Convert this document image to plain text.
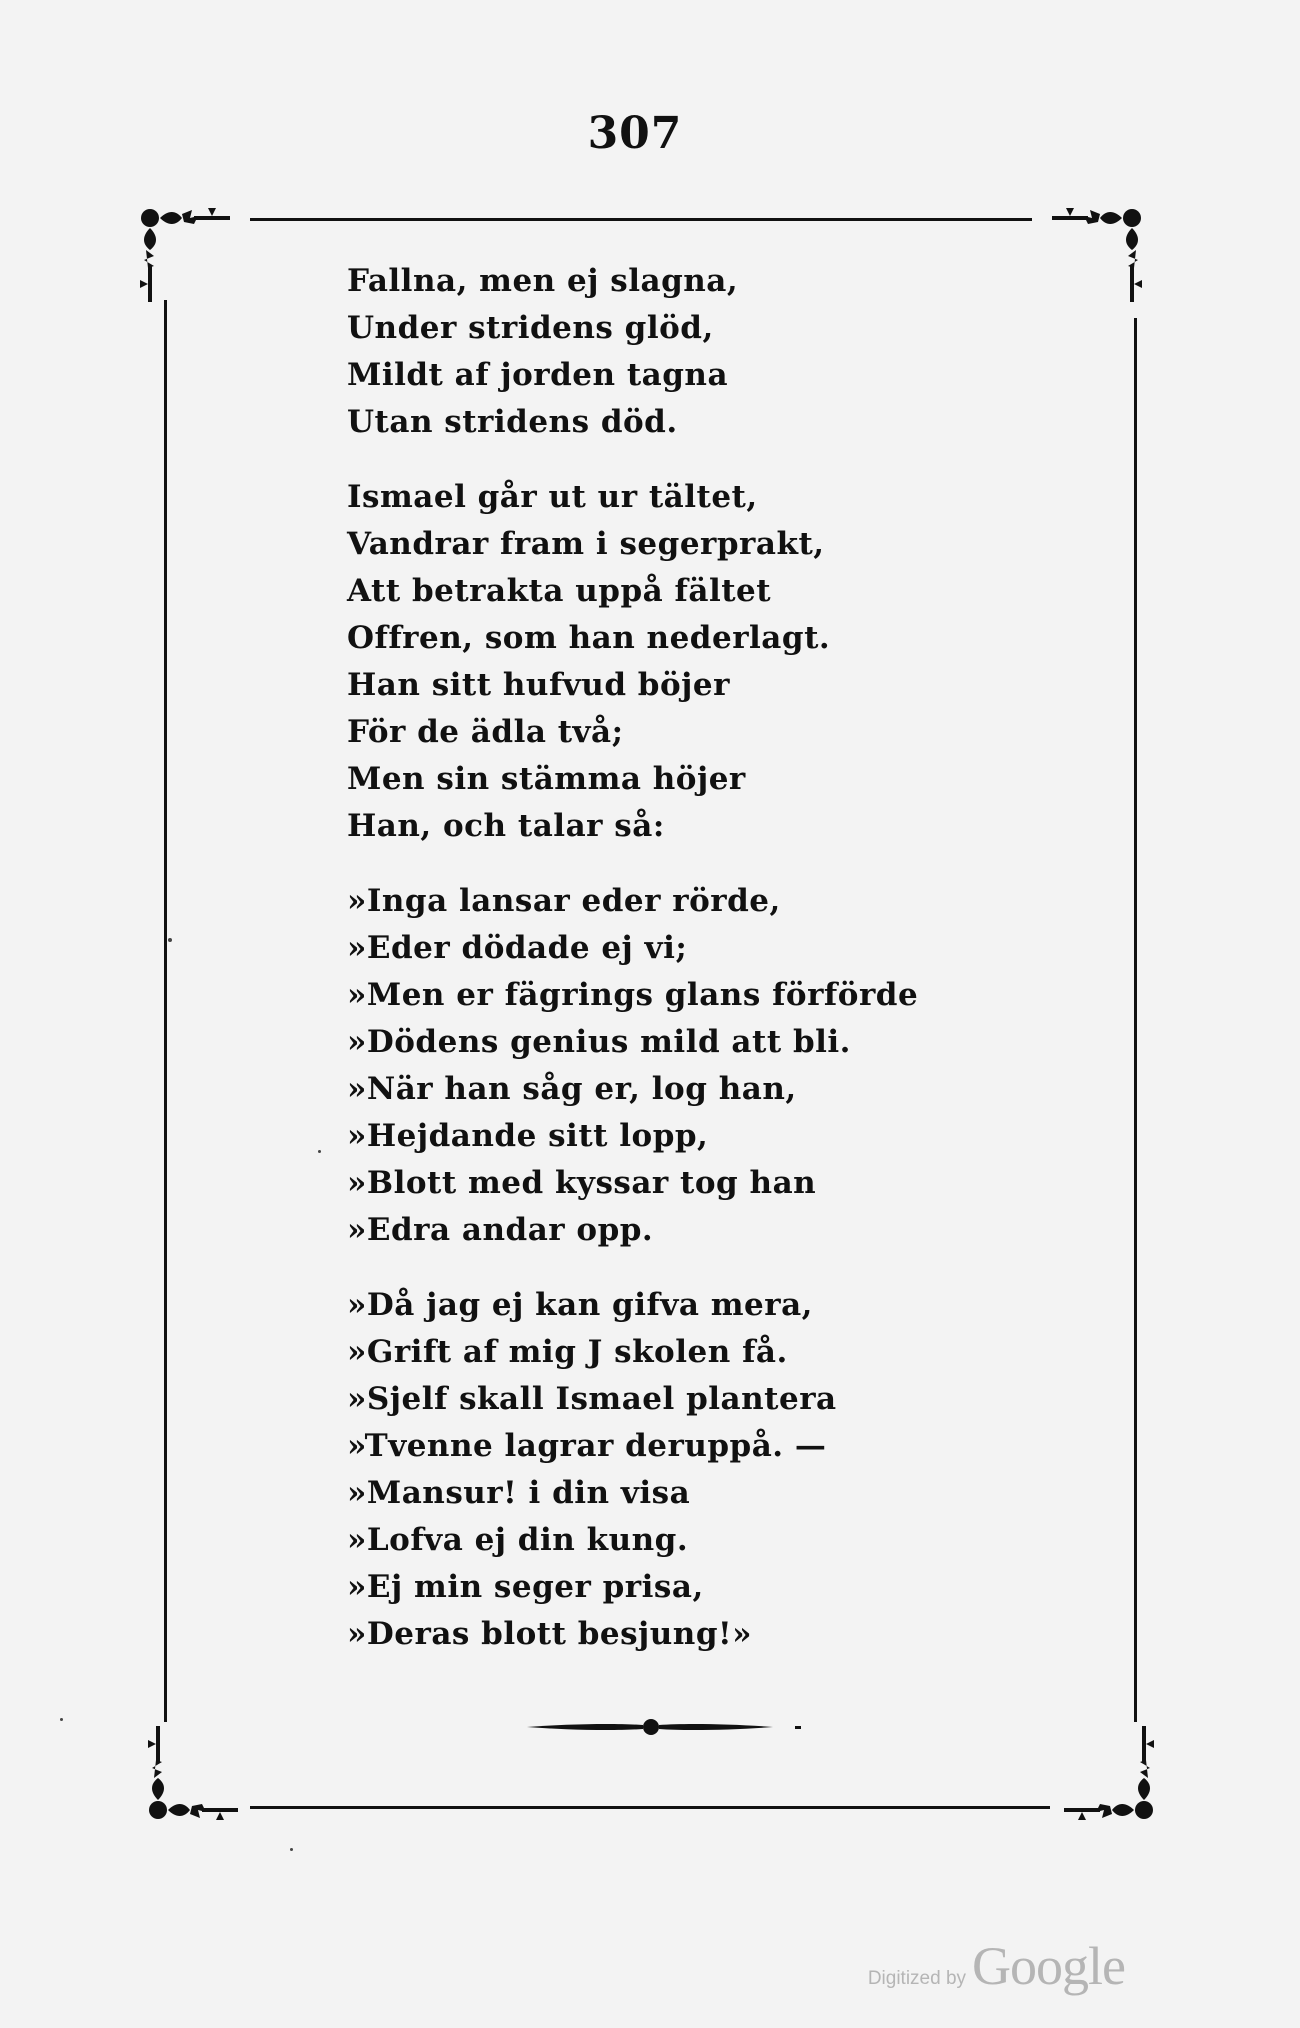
307
Fallna, men ej slagna,
Under stridens glöd,
Mildt af jorden tagna
Utan stridens död.
Ismael går ut ur tältet,
Vandrar fram i segerprakt,
Att betrakta uppå fältet
Offren, som han nederlagt.
Han sitt hufvud böjer
För de ädla två;
Men sin stämma höjer
Han, och talar så:
»Inga lansar eder rörde,
»Eder dödade ej vi;
»Men er fägrings glans förförde
»Dödens genius mild att bli.
»När han såg er, log han,
»Hejdande sitt lopp,
»Blott med kyssar tog han
»Edra andar opp.
»Då jag ej kan gifva mera,
»Grift af mig J skolen få.
»Sjelf skall Ismael plantera
»Tvenne lagrar deruppå. —
»Mansur! i din visa
»Lofva ej din kung.
»Ej min seger prisa,
»Deras blott besjung!»
Digitized by Google
